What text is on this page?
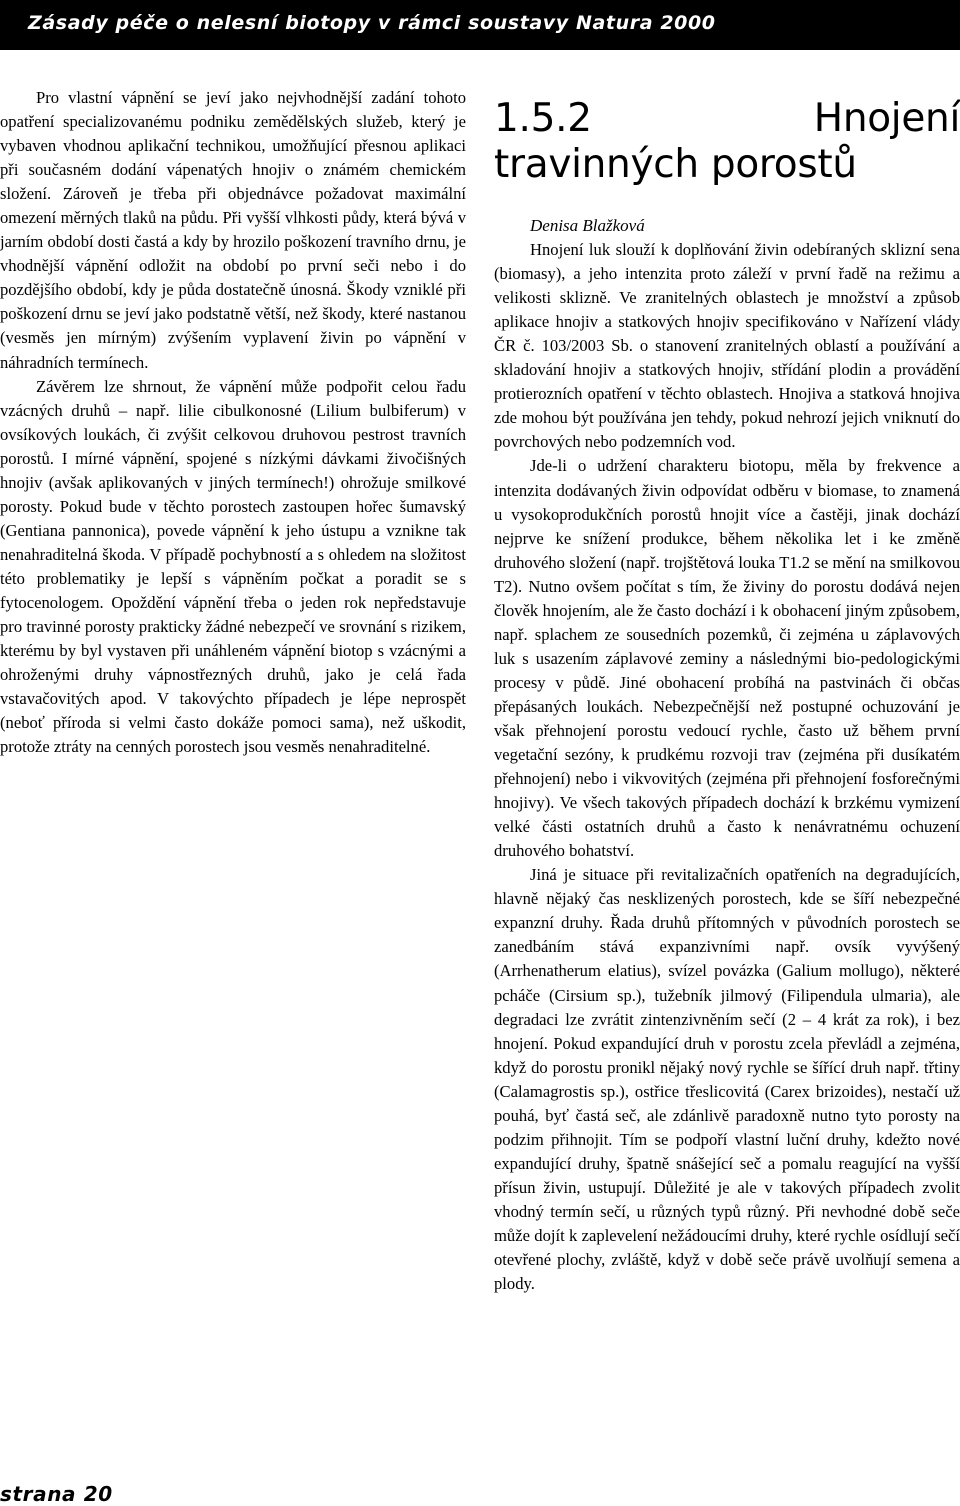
Zásady péče o nelesní biotopy v rámci soustavy Natura 2000

Pro vlastní vápnění se jeví jako nejvhodnější zadání tohoto opatření specializovanému podniku zemědělských služeb, který je vybaven vhodnou aplikační technikou, umožňující přesnou aplikaci při současném dodání vápenatých hnojiv o známém chemickém složení. Zároveň je třeba při objednávce požadovat maximální omezení měrných tlaků na půdu. Při vyšší vlhkosti půdy, která bývá v jarním období dosti častá a kdy by hrozilo poškození travního drnu, je vhodnější vápnění odložit na období po první seči nebo i do pozdějšího období, kdy je půda dostatečně únosná. Škody vzniklé při poškození drnu se jeví jako podstatně větší, než škody, které nastanou (vesměs jen mírným) zvýšením vyplavení živin po vápnění v náhradních termínech.

Závěrem lze shrnout, že vápnění může podpořit celou řadu vzácných druhů – např. lilie cibulkonosné (Lilium bulbiferum) v ovsíkových loukách, či zvýšit celkovou druhovou pestrost travních porostů. I mírné vápnění, spojené s nízkými dávkami živočišných hnojiv (avšak aplikovaných v jiných termínech!) ohrožuje smilkové porosty. Pokud bude v těchto porostech zastoupen hořec šumavský (Gentiana pannonica), povede vápnění k jeho ústupu a vznikne tak nenahraditelná škoda. V případě pochybností a s ohledem na složitost této problematiky je lepší s vápněním počkat a poradit se s fytocenologem. Opoždění vápnění třeba o jeden rok nepředstavuje pro travinné porosty prakticky žádné nebezpečí ve srovnání s rizikem, kterému by byl vystaven při unáhleném vápnění biotop s vzácnými a ohroženými druhy vápnostřezných druhů, jako je celá řada vstavačovitých apod. V takovýchto případech je lépe neprospět (neboť příroda si velmi často dokáže pomoci sama), než uškodit, protože ztráty na cenných porostech jsou vesměs nenahraditelné.

1.5.2 Hnojení travinných porostů

Denisa Blažková

Hnojení luk slouží k doplňování živin odebíraných sklizní sena (biomasy), a jeho intenzita proto záleží v první řadě na režimu a velikosti sklizně. Ve zranitelných oblastech je množství a způsob aplikace hnojiv a statkových hnojiv specifikováno v Nařízení vlády ČR č. 103/2003 Sb. o stanovení zranitelných oblastí a používání a skladování hnojiv a statkových hnojiv, střídání plodin a provádění protierozních opatření v těchto oblastech. Hnojiva a statková hnojiva zde mohou být používána jen tehdy, pokud nehrozí jejich vniknutí do povrchových nebo podzemních vod.

Jde-li o udržení charakteru biotopu, měla by frekvence a intenzita dodávaných živin odpovídat odběru v biomase, to znamená u vysokoprodukčních porostů hnojit více a častěji, jinak dochází nejprve ke snížení produkce, během několika let i ke změně druhového složení (např. trojštětová louka T1.2 se mění na smilkovou T2). Nutno ovšem počítat s tím, že živiny do porostu dodává nejen člověk hnojením, ale že často dochází i k obohacení jiným způsobem, např. splachem ze sousedních pozemků, či zejména u záplavových luk s usazením záplavové zeminy a následnými bio-pedologickými procesy v půdě. Jiné obohacení probíhá na pastvinách či občas přepásaných loukách. Nebezpečnější než postupné ochuzování je však přehnojení porostu vedoucí rychle, často už během první vegetační sezóny, k prudkému rozvoji trav (zejména při dusíkatém přehnojení) nebo i vikvovitých (zejména při přehnojení fosforečnými hnojivy). Ve všech takových případech dochází k brzkému vymizení velké části ostatních druhů a často k nenávratnému ochuzení druhového bohatství.

Jiná je situace při revitalizačních opatřeních na degradujících, hlavně nějaký čas nesklizených porostech, kde se šíří nebezpečné expanzní druhy. Řada druhů přítomných v původních porostech se zanedbáním stává expanzivními např. ovsík vyvýšený (Arrhenatherum elatius), svízel povázka (Galium mollugo), některé pcháče (Cirsium sp.), tužebník jilmový (Filipendula ulmaria), ale degradaci lze zvrátit zintenzivněním sečí (2 – 4 krát za rok), i bez hnojení. Pokud expandující druh v porostu zcela převládl a zejména, když do porostu pronikl nějaký nový rychle se šířící druh např. třtiny (Calamagrostis sp.), ostřice třeslicovitá (Carex brizoides), nestačí už pouhá, byť častá seč, ale zdánlivě paradoxně nutno tyto porosty na podzim přihnojit. Tím se podpoří vlastní luční druhy, kdežto nové expandující druhy, špatně snášející seč a pomalu reagující na vyšší přísun živin, ustupují. Důležité je ale v takových případech zvolit vhodný termín sečí, u různých typů různý. Při nevhodné době seče může dojít k zaplevelení nežádoucími druhy, které rychle osídlují sečí otevřené plochy, zvláště, když v době seče právě uvolňují semena a plody.

strana 20
